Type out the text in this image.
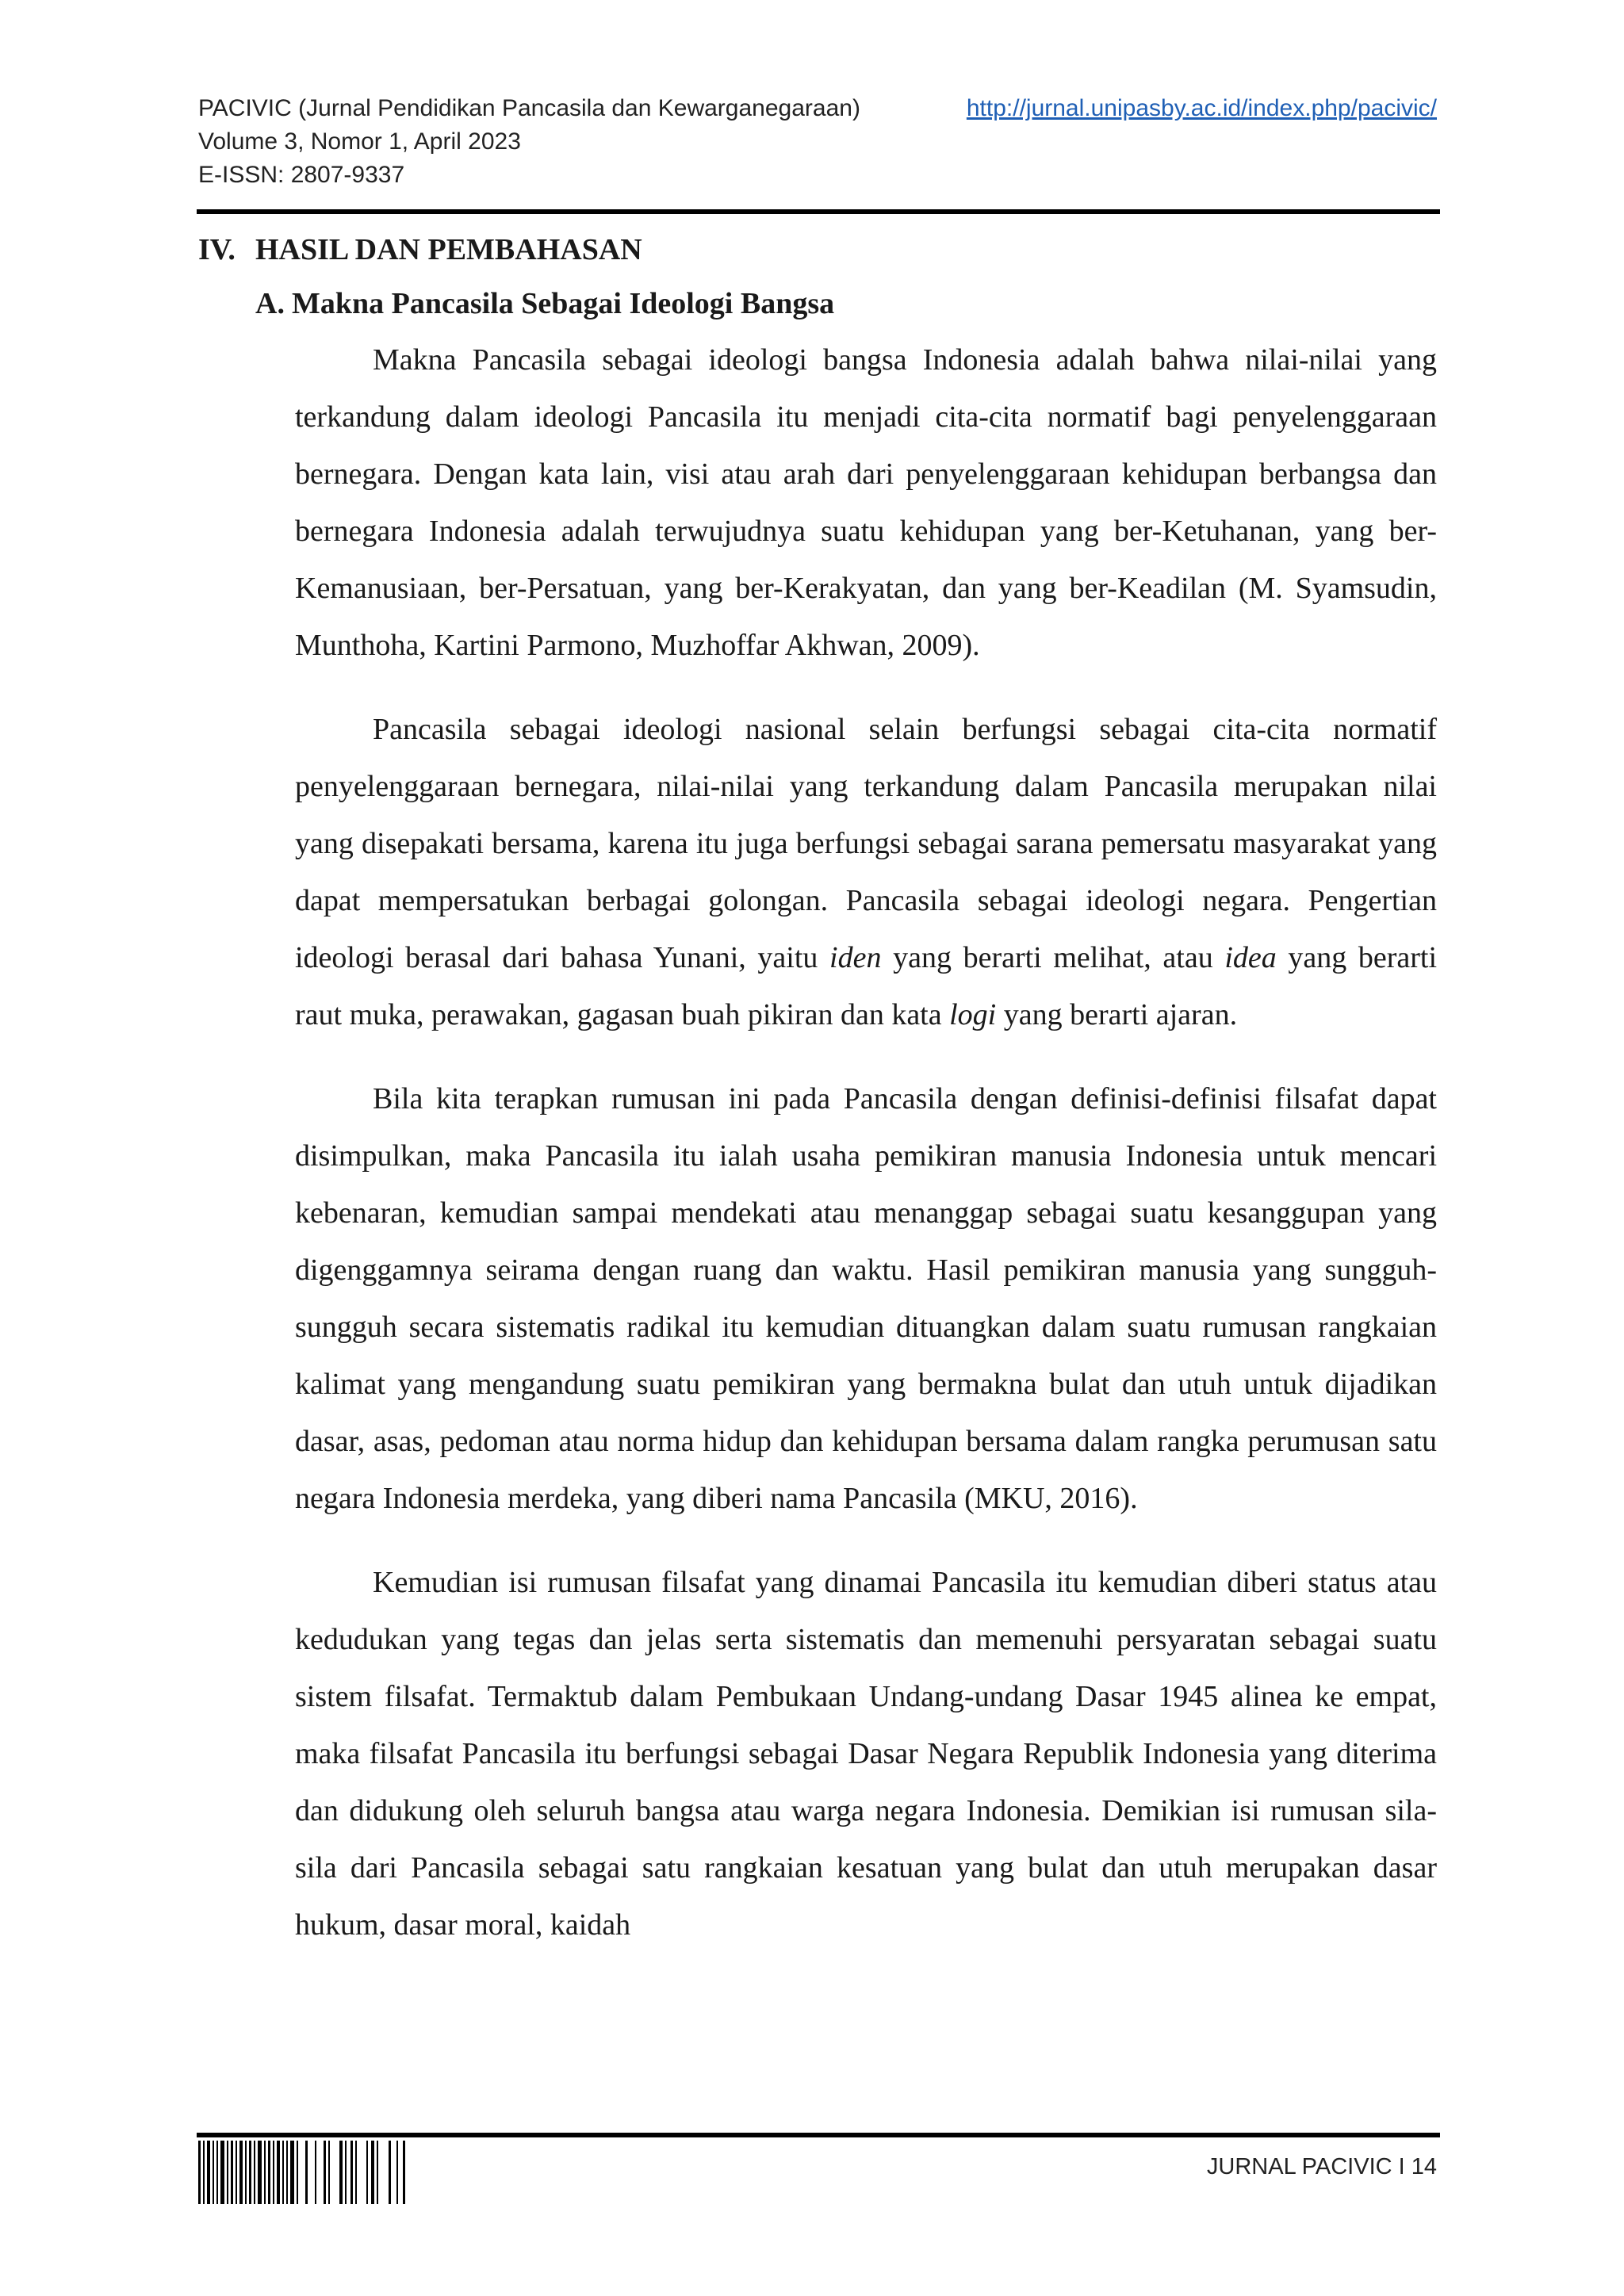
PACIVIC (Jurnal Pendidikan Pancasila dan Kewarganegaraan)	http://jurnal.unipasby.ac.id/index.php/pacivic/
Volume 3, Nomor 1, April 2023
E-ISSN: 2807-9337
IV. HASIL DAN PEMBAHASAN
A. Makna Pancasila Sebagai Ideologi Bangsa

Makna Pancasila sebagai ideologi bangsa Indonesia adalah bahwa nilai-nilai yang terkandung dalam ideologi Pancasila itu menjadi cita-cita normatif bagi penyelenggaraan bernegara. Dengan kata lain, visi atau arah dari penyelenggaraan kehidupan berbangsa dan bernegara Indonesia adalah terwujudnya suatu kehidupan yang ber-Ketuhanan, yang ber-Kemanusiaan, ber-Persatuan, yang ber-Kerakyatan, dan yang ber-Keadilan (M. Syamsudin, Munthoha, Kartini Parmono, Muzhoffar Akhwan, 2009).

Pancasila sebagai ideologi nasional selain berfungsi sebagai cita-cita normatif penyelenggaraan bernegara, nilai-nilai yang terkandung dalam Pancasila merupakan nilai yang disepakati bersama, karena itu juga berfungsi sebagai sarana pemersatu masyarakat yang dapat mempersatukan berbagai golongan. Pancasila sebagai ideologi negara. Pengertian ideologi berasal dari bahasa Yunani, yaitu iden yang berarti melihat, atau idea yang berarti raut muka, perawakan, gagasan buah pikiran dan kata logi yang berarti ajaran.

Bila kita terapkan rumusan ini pada Pancasila dengan definisi-definisi filsafat dapat disimpulkan, maka Pancasila itu ialah usaha pemikiran manusia Indonesia untuk mencari kebenaran, kemudian sampai mendekati atau menanggap sebagai suatu kesanggupan yang digenggamnya seirama dengan ruang dan waktu. Hasil pemikiran manusia yang sungguh-sungguh secara sistematis radikal itu kemudian dituangkan dalam suatu rumusan rangkaian kalimat yang mengandung suatu pemikiran yang bermakna bulat dan utuh untuk dijadikan dasar, asas, pedoman atau norma hidup dan kehidupan bersama dalam rangka perumusan satu negara Indonesia merdeka, yang diberi nama Pancasila (MKU, 2016).

Kemudian isi rumusan filsafat yang dinamai Pancasila itu kemudian diberi status atau kedudukan yang tegas dan jelas serta sistematis dan memenuhi persyaratan sebagai suatu sistem filsafat. Termaktub dalam Pembukaan Undang-undang Dasar 1945 alinea ke empat, maka filsafat Pancasila itu berfungsi sebagai Dasar Negara Republik Indonesia yang diterima dan didukung oleh seluruh bangsa atau warga negara Indonesia. Demikian isi rumusan sila-sila dari Pancasila sebagai satu rangkaian kesatuan yang bulat dan utuh merupakan dasar hukum, dasar moral, kaidah

JURNAL PACIVIC I 14
